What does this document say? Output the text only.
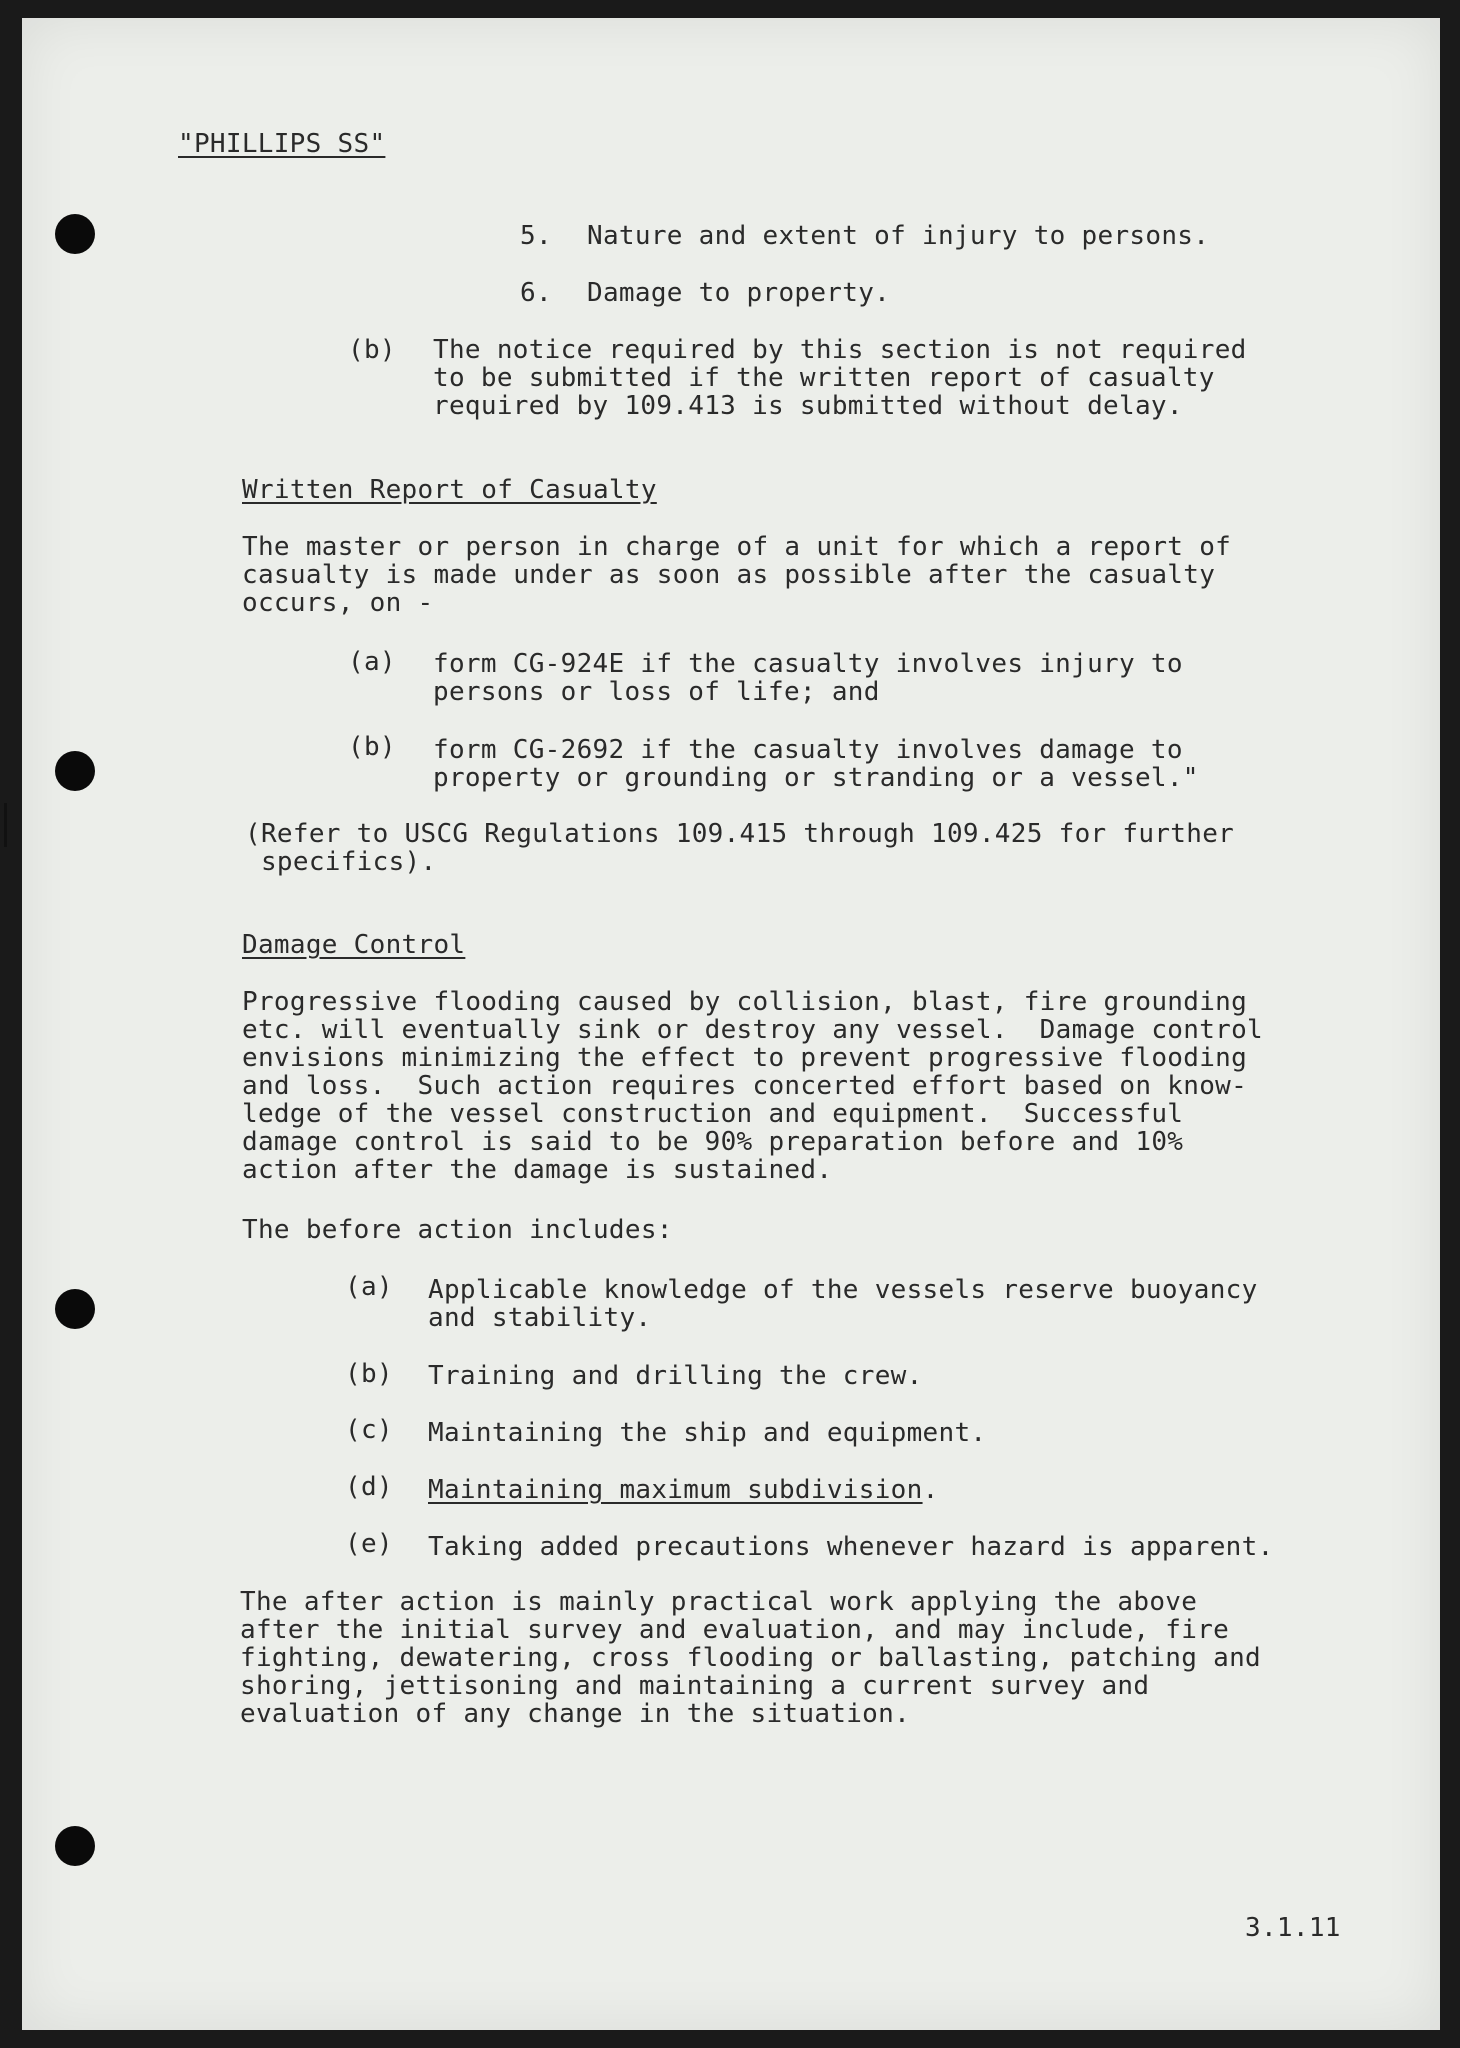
"PHILLIPS SS"
5. Nature and extent of injury to persons.
6. Damage to property.
(b) The notice required by this section is not required
to be submitted if the written report of casualty
required by 109.413 is submitted without delay.
Written Report of Casualty
The master or person in charge of a unit for which a report of
casualty is made under as soon as possible after the casualty
occurs, on -
(a) form CG-924E if the casualty involves injury to
persons or loss of life; and
(b) form CG-2692 if the casualty involves damage to
property or grounding or stranding or a vessel."
(Refer to USCG Regulations 109.415 through 109.425 for further
specifics).
Damage Control
Progressive flooding caused by collision, blast, fire grounding
etc. will eventually sink or destroy any vessel.  Damage control
envisions minimizing the effect to prevent progressive flooding
and loss.  Such action requires concerted effort based on know-
ledge of the vessel construction and equipment.  Successful
damage control is said to be 90% preparation before and 10%
action after the damage is sustained.
The before action includes:
(a) Applicable knowledge of the vessels reserve buoyancy
and stability.
(b) Training and drilling the crew.
(c) Maintaining the ship and equipment.
(d) Maintaining maximum subdivision.
(e) Taking added precautions whenever hazard is apparent.
The after action is mainly practical work applying the above
after the initial survey and evaluation, and may include, fire
fighting, dewatering, cross flooding or ballasting, patching and
shoring, jettisoning and maintaining a current survey and
evaluation of any change in the situation.
3.1.11
